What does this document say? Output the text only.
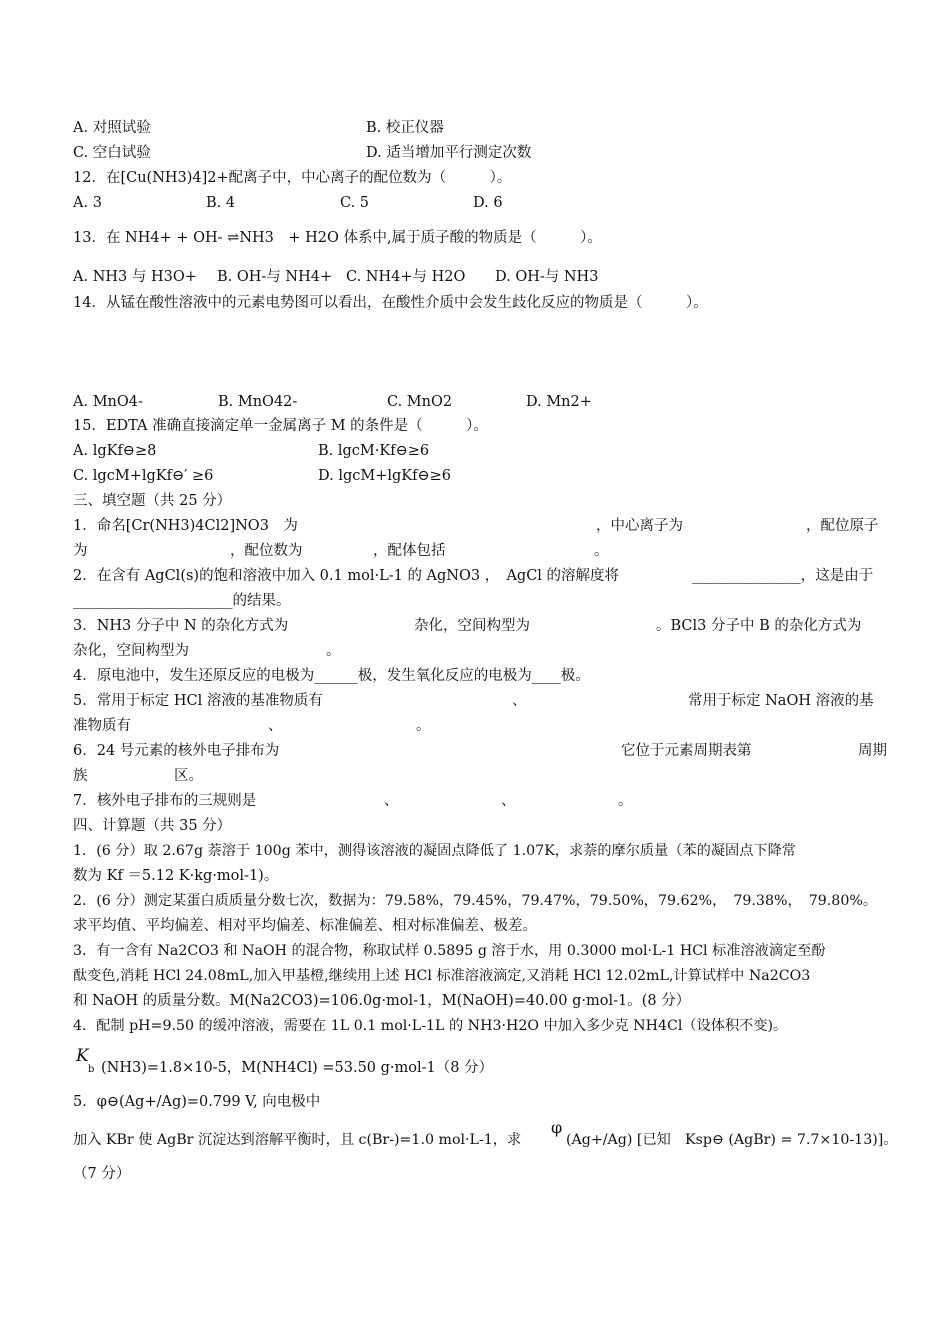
A. 对照试验	B. 校正仪器
C. 空白试验	D. 适当增加平行测定次数
12．在[Cu(NH3)4]2+配离子中，中心离子的配位数为（　　　）。
A. 3	B. 4	C. 5	D. 6
13．在 NH4+ + OH- ⇌NH3　+ H2O 体系中,属于质子酸的物质是（　　　）。
A. NH3 与 H3O+ B. OH-与 NH4+ C. NH4+与 H2O D. OH-与 NH3
14．从锰在酸性溶液中的元素电势图可以看出，在酸性介质中会发生歧化反应的物质是（　　　）。
A. MnO4-	B. MnO42-	C. MnO2	D. Mn2+
15．EDTA 准确直接滴定单一金属离子 M 的条件是（　　　）。
A. lgKf⊖≥8	B. lgcM·Kf⊖≥6
C. lgcM+lgKf⊖′ ≥6	D. lgcM+lgKf⊖≥6
三、填空题（共 25 分）
1．命名[Cr(NH3)4Cl2]NO3　为	，中心离子为	，配位原子
为	，配位数为	，配体包括	。
2．在含有 AgCl(s)的饱和溶液中加入 0.1 mol·L-1 的 AgNO3 ，　AgCl 的溶解度将	_______________，这是由于
______________________的结果。
3．NH3 分子中 N 的杂化方式为	杂化，空间构型为	。BCl3 分子中 B 的杂化方式为
杂化，空间构型为	。
4．原电池中，发生还原反应的电极为______极，发生氧化反应的电极为____极。
5．常用于标定 HCl 溶液的基准物质有	、	常用于标定 NaOH 溶液的基
准物质有	、	。
6．24 号元素的核外电子排布为	它位于元素周期表第	周期
族	区。
7．核外电子排布的三规则是	、	、	。
四、计算题（共 35 分）
1．(6 分）取 2.67g 萘溶于 100g 苯中，测得该溶液的凝固点降低了 1.07K，求萘的摩尔质量（苯的凝固点下降常
数为 Kf ＝5.12 K·kg·mol-1)。
2．(6 分）测定某蛋白质质量分数七次，数据为：79.58%，79.45%，79.47%，79.50%，79.62%，　79.38%，　79.80%。
求平均值、平均偏差、相对平均偏差、标准偏差、相对标准偏差、极差。
3．有一含有 Na2CO3 和 NaOH 的混合物，称取试样 0.5895 g 溶于水，用 0.3000 mol·L-1 HCl 标准溶液滴定至酚
酞变色,消耗 HCl 24.08mL,加入甲基橙,继续用上述 HCl 标准溶液滴定,又消耗 HCl 12.02mL,计算试样中 Na2CO3
和 NaOH 的质量分数。M(Na2CO3)=106.0g·mol-1，M(NaOH)=40.00 g·mol-1。(8 分）
4．配制 pH=9.50 的缓冲溶液，需要在 1L 0.1 mol·L-1L 的 NH3·H2O 中加入多少克 NH4Cl（设体积不变)。
K
b (NH3)=1.8×10-5，M(NH4Cl) =53.50 g·mol-1（8 分）
5．φ⊖(Ag+/Ag)=0.799 V, 向电极中
加入 KBr 使 AgBr 沉淀达到溶解平衡时，且 c(Br-)=1.0 mol·L-1，求
φ
(Ag+/Ag) [已知　Ksp⊖ (AgBr) = 7.7×10-13)]。
（7 分）
